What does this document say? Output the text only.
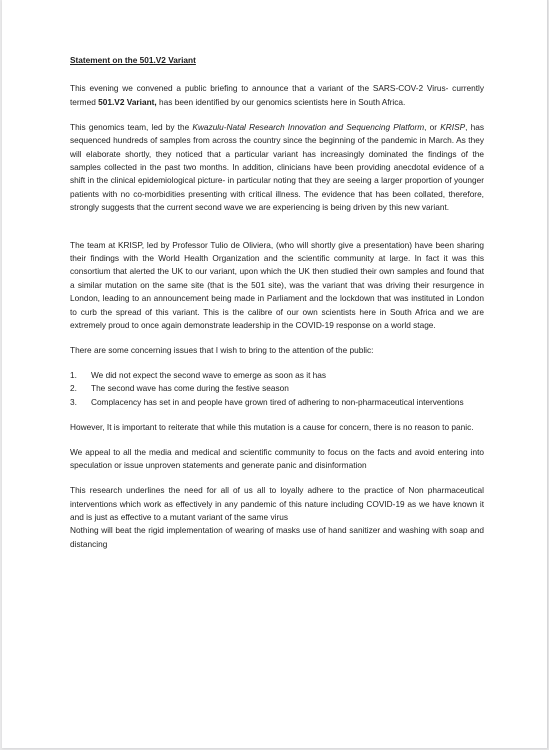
Statement on the 501.V2 Variant

This evening we convened a public briefing to announce that a variant of the SARS-COV-2 Virus- currently termed 501.V2 Variant, has been identified by our genomics scientists here in South Africa.

This genomics team, led by the Kwazulu-Natal Research Innovation and Sequencing Platform, or KRISP, has sequenced hundreds of samples from across the country since the beginning of the pandemic in March. As they will elaborate shortly, they noticed that a particular variant has increasingly dominated the findings of the samples collected in the past two months. In addition, clinicians have been providing anecdotal evidence of a shift in the clinical epidemiological picture- in particular noting that they are seeing a larger proportion of younger patients with no co-morbidities presenting with critical illness. The evidence that has been collated, therefore, strongly suggests that the current second wave we are experiencing is being driven by this new variant.

The team at KRISP, led by Professor Tulio de Oliviera, (who will shortly give a presentation) have been sharing their findings with the World Health Organization and the scientific community at large. In fact it was this consortium that alerted the UK to our variant, upon which the UK then studied their own samples and found that a similar mutation on the same site (that is the 501 site), was the variant that was driving their resurgence in London, leading to an announcement being made in Parliament and the lockdown that was instituted in London to curb the spread of this variant. This is the calibre of our own scientists here in South Africa and we are extremely proud to once again demonstrate leadership in the COVID-19 response on a world stage.

There are some concerning issues that I wish to bring to the attention of the public:

1. We did not expect the second wave to emerge as soon as it has
2. The second wave has come during the festive season
3. Complacency has set in and people have grown tired of adhering to non-pharmaceutical interventions

However, It is important to reiterate that while this mutation is a cause for concern, there is no reason to panic.

We appeal to all the media and medical and scientific community to focus on the facts and avoid entering into speculation or issue unproven statements and generate panic and disinformation

This research underlines the need for all of us all to loyally adhere to the practice of Non pharmaceutical interventions which work as effectively in any pandemic of this nature including COVID-19 as we have known it and is just as effective to a mutant variant of the same virus

Nothing will beat the rigid implementation of wearing of masks use of hand sanitizer and washing with soap and distancing
